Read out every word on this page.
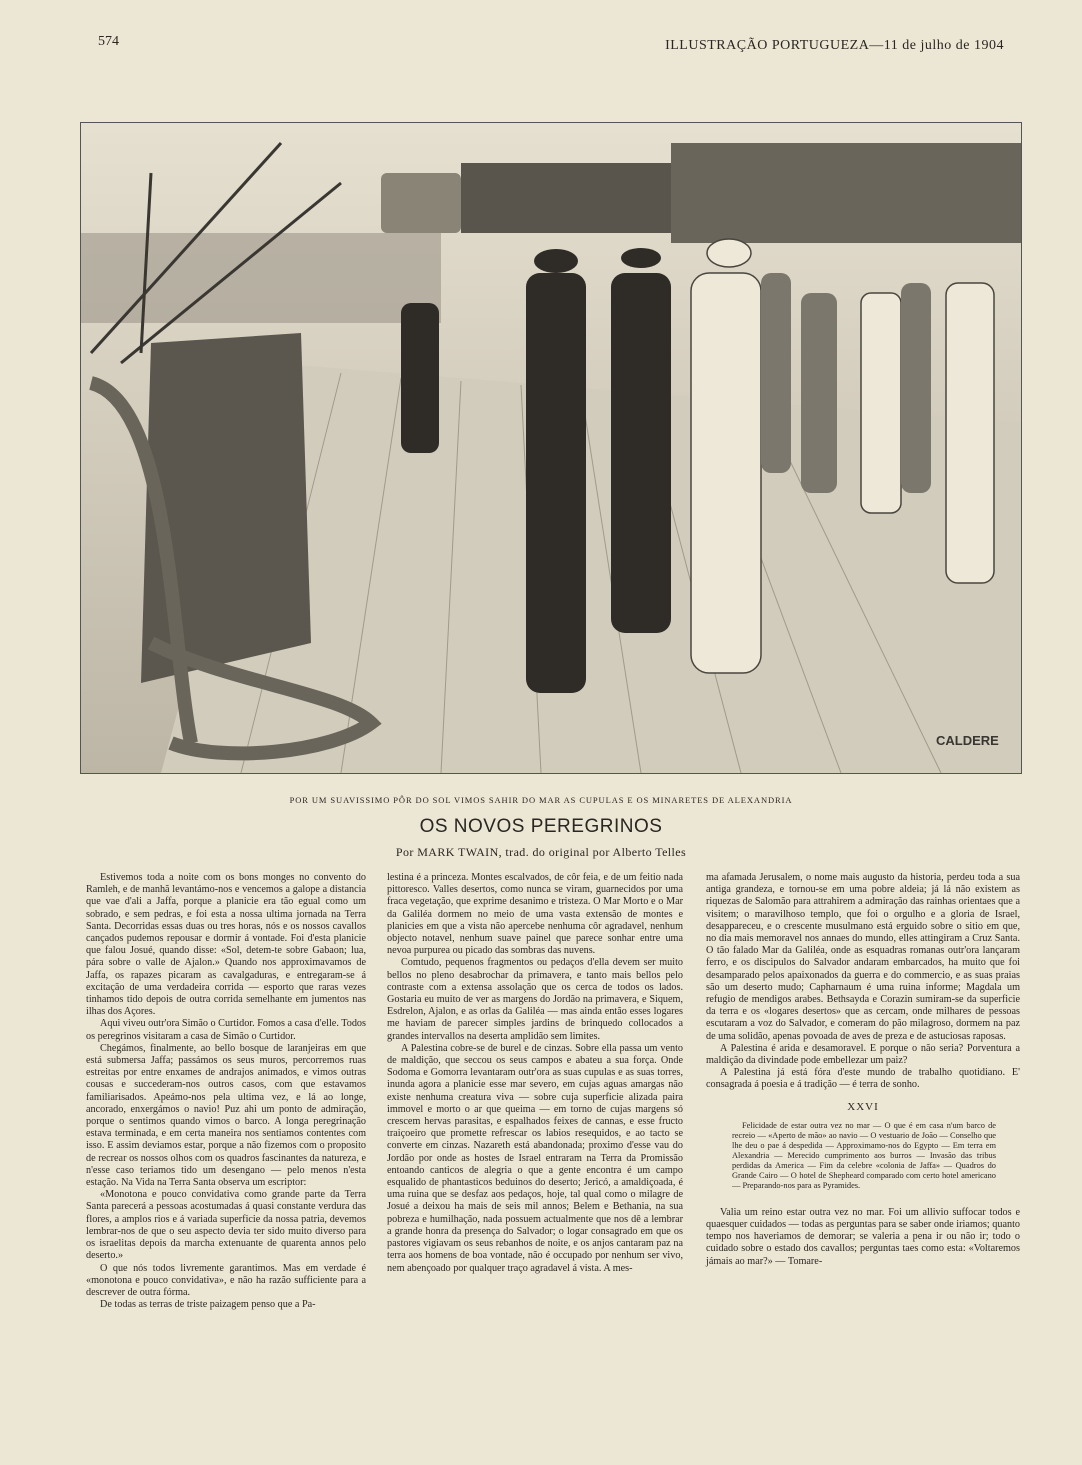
574	ILLUSTRAÇÃO PORTUGUEZA—11 de julho de 1904
CALDERE
POR UM SUAVISSIMO PÔR DO SOL VIMOS SAHIR DO MAR AS CUPULAS E OS MINARETES DE ALEXANDRIA
OS NOVOS PEREGRINOS
Por MARK TWAIN, trad. do original por Alberto Telles

Estivemos toda a noite com os bons monges no convento do Ramleh, e de manhã levantámo-nos e vencemos a galope a distancia que vae d'ali a Jaffa, porque a planicie era tão egual como um sobrado, e sem pedras, e foi esta a nossa ultima jornada na Terra Santa. Decorridas essas duas ou tres horas, nós e os nossos cavallos cançados pudemos repousar e dormir á vontade. Foi d'esta planicie que falou Josué, quando disse: «Sol, detem-te sobre Gabaon; lua, pára sobre o valle de Ajalon.» Quando nos approximavamos de Jaffa, os rapazes picaram as cavalgaduras, e entregaram-se á excitação de uma verdadeira corrida — esporto que raras vezes tinhamos tido depois de outra corrida semelhante em jumentos nas ilhas dos Açores.

Aqui viveu outr'ora Simão o Curtidor. Fomos a casa d'elle. Todos os peregrinos visitaram a casa de Simão o Curtidor.

Chegámos, finalmente, ao bello bosque de laranjeiras em que está submersa Jaffa; passámos os seus muros, percorremos ruas estreitas por entre enxames de andrajos animados, e vimos outras cousas e succederam-nos outros casos, com que estavamos familiarisados. Apeámo-nos pela ultima vez, e lá ao longe, ancorado, enxergámos o navio! Puz ahi um ponto de admiração, porque o sentimos quando vimos o barco. A longa peregrinação estava terminada, e em certa maneira nos sentiamos contentes com isso. E assim deviamos estar, porque a não fizemos com o proposito de recrear os nossos olhos com os quadros fascinantes da natureza, e n'esse caso teriamos tido um desengano — pelo menos n'esta estação. Na Vida na Terra Santa observa um escriptor:

«Monotona e pouco convidativa como grande parte da Terra Santa parecerá a pessoas acostumadas á quasi constante verdura das flores, a amplos rios e á variada superficie da nossa patria, devemos lembrar-nos de que o seu aspecto devia ter sido muito diverso para os israelitas depois da marcha extenuante de quarenta annos pelo deserto.»

O que nós todos livremente garantimos. Mas em verdade é «monotona e pouco convidativa», e não ha razão sufficiente para a descrever de outra fórma.

De todas as terras de triste paizagem penso que a Pa-

lestina é a princeza. Montes escalvados, de côr feia, e de um feitio nada pittoresco. Valles desertos, como nunca se viram, guarnecidos por uma fraca vegetação, que exprime desanimo e tristeza. O Mar Morto e o Mar da Galiléa dormem no meio de uma vasta extensão de montes e planicies em que a vista não apercebe nenhuma côr agradavel, nenhum objecto notavel, nenhum suave painel que parece sonhar entre uma nevoa purpurea ou picado das sombras das nuvens.

Comtudo, pequenos fragmentos ou pedaços d'ella devem ser muito bellos no pleno desabrochar da primavera, e tanto mais bellos pelo contraste com a extensa assolação que os cerca de todos os lados. Gostaria eu muito de ver as margens do Jordão na primavera, e Siquem, Esdrelon, Ajalon, e as orlas da Galiléa — mas ainda então esses logares me haviam de parecer simples jardins de brinquedo collocados a grandes intervallos na deserta amplidão sem limites.

A Palestina cobre-se de burel e de cinzas. Sobre ella passa um vento de maldição, que seccou os seus campos e abateu a sua força. Onde Sodoma e Gomorra levantaram outr'ora as suas cupulas e as suas torres, inunda agora a planicie esse mar severo, em cujas aguas amargas não existe nenhuma creatura viva — sobre cuja superficie alizada paira immovel e morto o ar que queima — em torno de cujas margens só crescem hervas parasitas, e espalhados feixes de cannas, e esse fructo traiçoeiro que promette refrescar os labios resequidos, e ao tacto se converte em cinzas. Nazareth está abandonada; proximo d'esse vau do Jordão por onde as hostes de Israel entraram na Terra da Promissão entoando canticos de alegria o que a gente encontra é um campo esqualido de phantasticos beduinos do deserto; Jericó, a amaldiçoada, é uma ruina que se desfaz aos pedaços, hoje, tal qual como o milagre de Josué a deixou ha mais de seis mil annos; Belem e Bethania, na sua pobreza e humilhação, nada possuem actualmente que nos dê a lembrar a grande honra da presença do Salvador; o logar consagrado em que os pastores vigiavam os seus rebanhos de noite, e os anjos cantaram paz na terra aos homens de boa vontade, não é occupado por nenhum ser vivo, nem abençoado por qualquer traço agradavel á vista. A mes-

ma afamada Jerusalem, o nome mais augusto da historia, perdeu toda a sua antiga grandeza, e tornou-se em uma pobre aldeia; já lá não existem as riquezas de Salomão para attrahirem a admiração das rainhas orientaes que a visitem; o maravilhoso templo, que foi o orgulho e a gloria de Israel, desappareceu, e o crescente musulmano está erguido sobre o sitio em que, no dia mais memoravel nos annaes do mundo, elles attingiram a Cruz Santa. O tão falado Mar da Galiléa, onde as esquadras romanas outr'ora lançaram ferro, e os discipulos do Salvador andaram embarcados, ha muito que foi desamparado pelos apaixonados da guerra e do commercio, e as suas praias são um deserto mudo; Capharnaum é uma ruina informe; Magdala um refugio de mendigos arabes. Bethsayda e Corazin sumiram-se da superficie da terra e os «logares desertos» que as cercam, onde milhares de pessoas escutaram a voz do Salvador, e comeram do pão milagroso, dormem na paz de uma solidão, apenas povoada de aves de preza e de astuciosas raposas.

A Palestina é arida e desamoravel. E porque o não seria? Porventura a maldição da divindade pode embellezar um paiz?

A Palestina já está fóra d'este mundo de trabalho quotidiano. E' consagrada á poesia e á tradição — é terra de sonho.

XXVI

Felicidade de estar outra vez no mar — O que é em casa n'um barco de recreio — «Aperto de mão» ao navio — O vestuario de João — Conselho que lhe deu o pae á despedida — Approximamo-nos do Egypto — Em terra em Alexandria — Merecido cumprimento aos burros — Invasão das tribus perdidas da America — Fim da celebre «colonia de Jaffa» — Quadros do Grande Cairo — O hotel de Shepheard comparado com certo hotel americano — Preparando-nos para as Pyramides.

Valia um reino estar outra vez no mar. Foi um allivio suffocar todos e quaesquer cuidados — todas as perguntas para se saber onde iriamos; quanto tempo nos haveriamos de demorar; se valeria a pena ir ou não ir; todo o cuidado sobre o estado dos cavallos; perguntas taes como esta: «Voltaremos jámais ao mar?» — Tomare-
